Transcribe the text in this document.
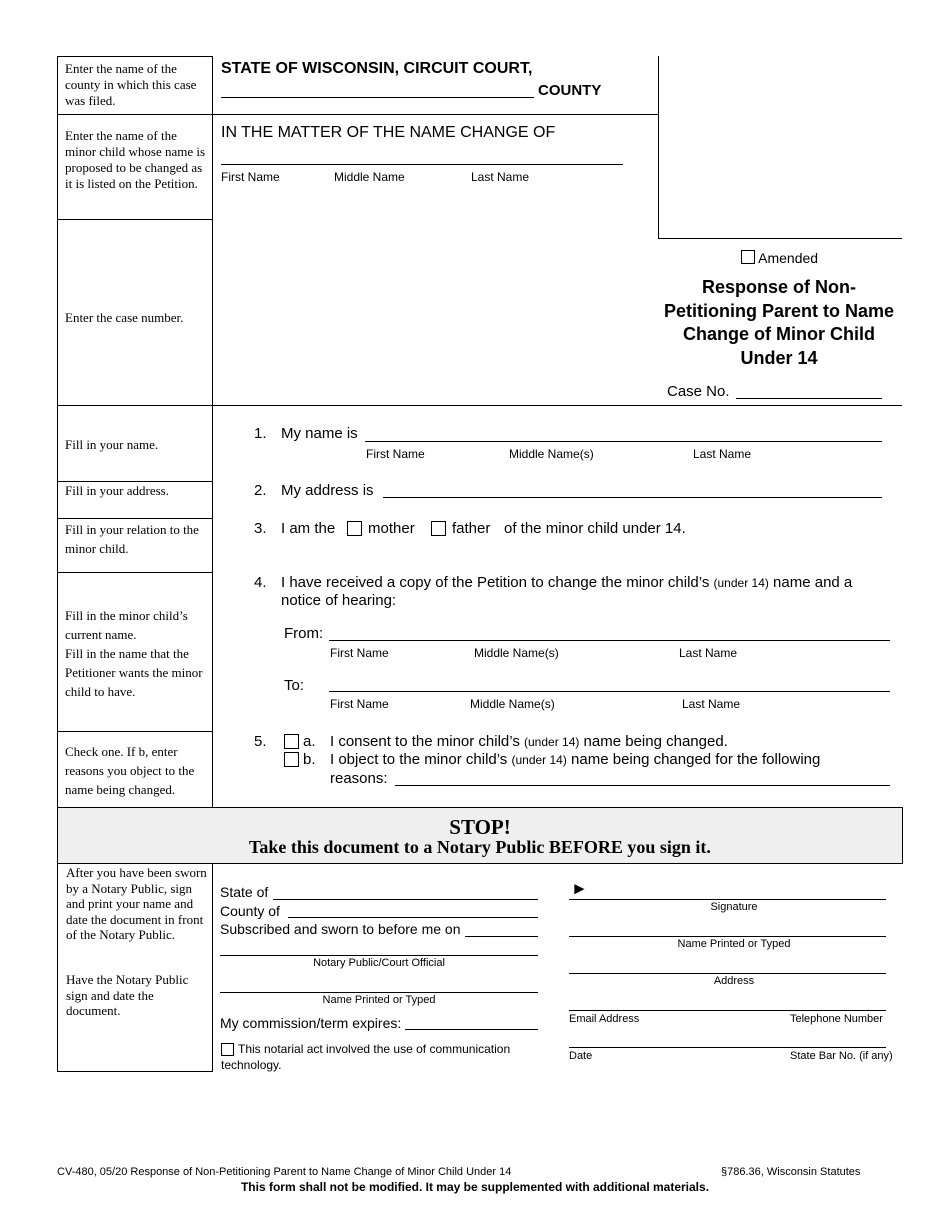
Enter the name of the county in which this case was filed.
Enter the name of the minor child whose name is proposed to be changed as it is listed on the Petition.
Enter the case number.
Fill in your name.
Fill in your address.
Fill in your relation to the minor child.
Fill in the minor child’s current name.
Fill in the name that the Petitioner wants the minor child to have.
Check one. If b, enter reasons you object to the name being changed.
STATE OF WISCONSIN, CIRCUIT COURT,
COUNTY
IN THE MATTER OF THE NAME CHANGE OF
First Name	Middle Name	Last Name
Amended
Response of Non-Petitioning Parent to Name Change of Minor Child Under 14
Case No.
1. My name is
First Name	Middle Name(s)	Last Name
2. My address is
3. I am the mother father of the minor child under 14.
4. I have received a copy of the Petition to change the minor child’s (under 14) name and a
notice of hearing:
From:
First Name	Middle Name(s)	Last Name
To:
First Name	Middle Name(s)	Last Name
5. a. I consent to the minor child’s (under 14) name being changed.
b. I object to the minor child’s (under 14) name being changed for the following
reasons:
STOP!
Take this document to a Notary Public BEFORE you sign it.
After you have been sworn by a Notary Public, sign and print your name and date the document in front of the Notary Public.
Have the Notary Public sign and date the document.
State of
County of
Subscribed and sworn to before me on
Notary Public/Court Official
Name Printed or Typed
My commission/term expires:
This notarial act involved the use of communication technology.
►
Signature
Name Printed or Typed
Address
Email Address	Telephone Number
Date	State Bar No. (if any)
CV-480, 05/20 Response of Non-Petitioning Parent to Name Change of Minor Child Under 14	§786.36, Wisconsin Statutes
This form shall not be modified. It may be supplemented with additional materials.
